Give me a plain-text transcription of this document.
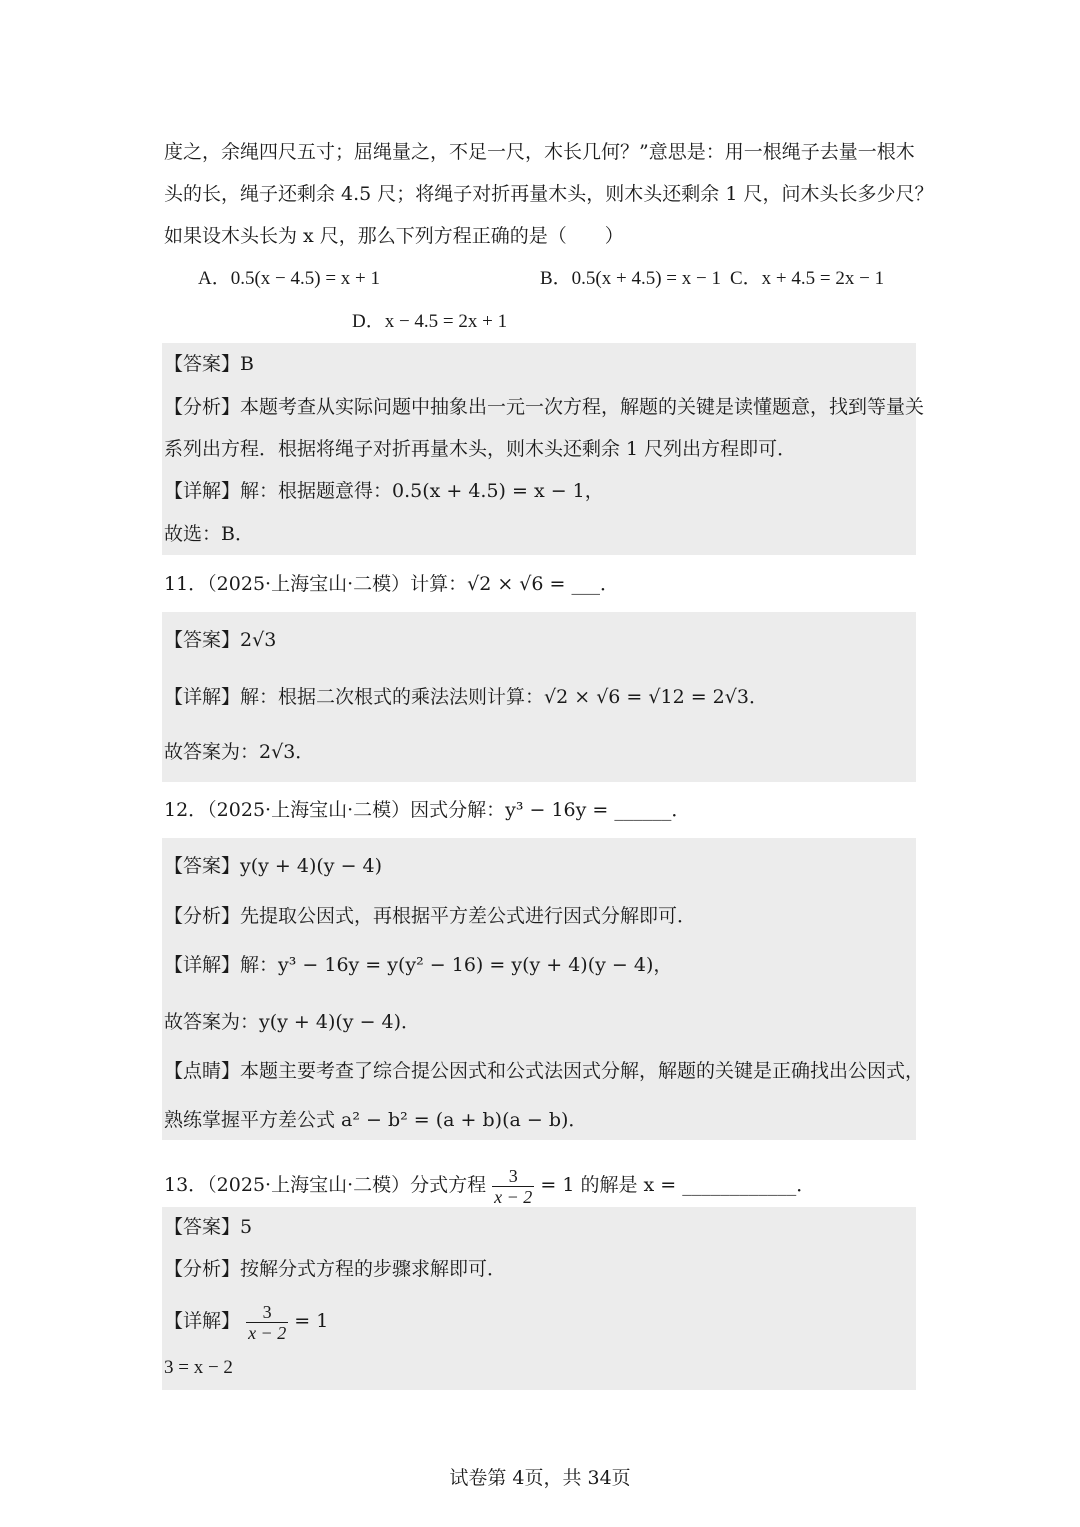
度之，余绳四尺五寸；屈绳量之，不足一尺，木长几何？”意思是：用一根绳子去量一根木
头的长，绳子还剩余 4.5 尺；将绳子对折再量木头，则木头还剩余 1 尺，问木头长多少尺？
如果设木头长为 x 尺，那么下列方程正确的是（　　）
A．0.5(x − 4.5) = x + 1	B．0.5(x + 4.5) = x − 1 C．x + 4.5 = 2x − 1
D．x − 4.5 = 2x + 1
【答案】B
【分析】本题考查从实际问题中抽象出一元一次方程，解题的关键是读懂题意，找到等量关
系列出方程．根据将绳子对折再量木头，则木头还剩余 1 尺列出方程即可．
【详解】解：根据题意得：0.5(x + 4.5) = x − 1，
故选：B．
11．（2025·上海宝山·二模）计算：√2 × √6 = ___．
【答案】2√3
【详解】解：根据二次根式的乘法法则计算：√2 × √6 = √12 = 2√3．
故答案为：2√3．
12．（2025·上海宝山·二模）因式分解：y³ − 16y = ______．
【答案】y(y + 4)(y − 4)
【分析】先提取公因式，再根据平方差公式进行因式分解即可．
【详解】解：y³ − 16y = y(y² − 16) = y(y + 4)(y − 4)，
故答案为：y(y + 4)(y − 4)．
【点睛】本题主要考查了综合提公因式和公式法因式分解，解题的关键是正确找出公因式，
熟练掌握平方差公式 a² − b² = (a + b)(a − b)．
13．（2025·上海宝山·二模）分式方程 $\frac{3}{x - 2} = 1$ 的解是 x = ____________．
【答案】5
【分析】按解分式方程的步骤求解即可．
【详解】 $\frac{3}{x - 2} = 1$
3 = x − 2
试卷第 4页，共 34页
